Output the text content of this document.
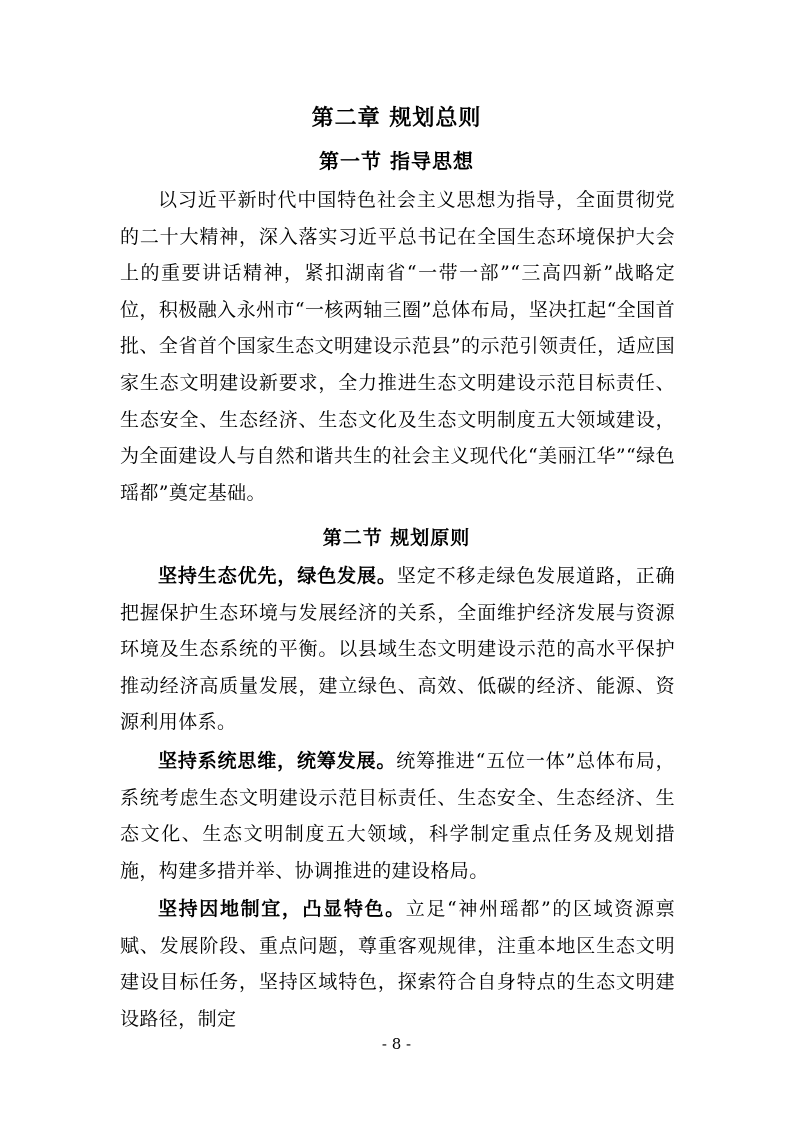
第二章 规划总则
第一节 指导思想

以习近平新时代中国特色社会主义思想为指导，全面贯彻党的二十大精神，深入落实习近平总书记在全国生态环境保护大会上的重要讲话精神，紧扣湖南省“一带一部”“三高四新”战略定位，积极融入永州市“一核两轴三圈”总体布局，坚决扛起“全国首批、全省首个国家生态文明建设示范县”的示范引领责任，适应国家生态文明建设新要求，全力推进生态文明建设示范目标责任、生态安全、生态经济、生态文化及生态文明制度五大领域建设，为全面建设人与自然和谐共生的社会主义现代化“美丽江华”“绿色瑶都”奠定基础。

第二节 规划原则

坚持生态优先，绿色发展。坚定不移走绿色发展道路，正确把握保护生态环境与发展经济的关系，全面维护经济发展与资源环境及生态系统的平衡。以县域生态文明建设示范的高水平保护推动经济高质量发展，建立绿色、高效、低碳的经济、能源、资源利用体系。

坚持系统思维，统筹发展。统筹推进“五位一体”总体布局，系统考虑生态文明建设示范目标责任、生态安全、生态经济、生态文化、生态文明制度五大领域，科学制定重点任务及规划措施，构建多措并举、协调推进的建设格局。

坚持因地制宜，凸显特色。立足“神州瑶都”的区域资源禀赋、发展阶段、重点问题，尊重客观规律，注重本地区生态文明建设目标任务，坚持区域特色，探索符合自身特点的生态文明建设路径，制定

- 8 -
